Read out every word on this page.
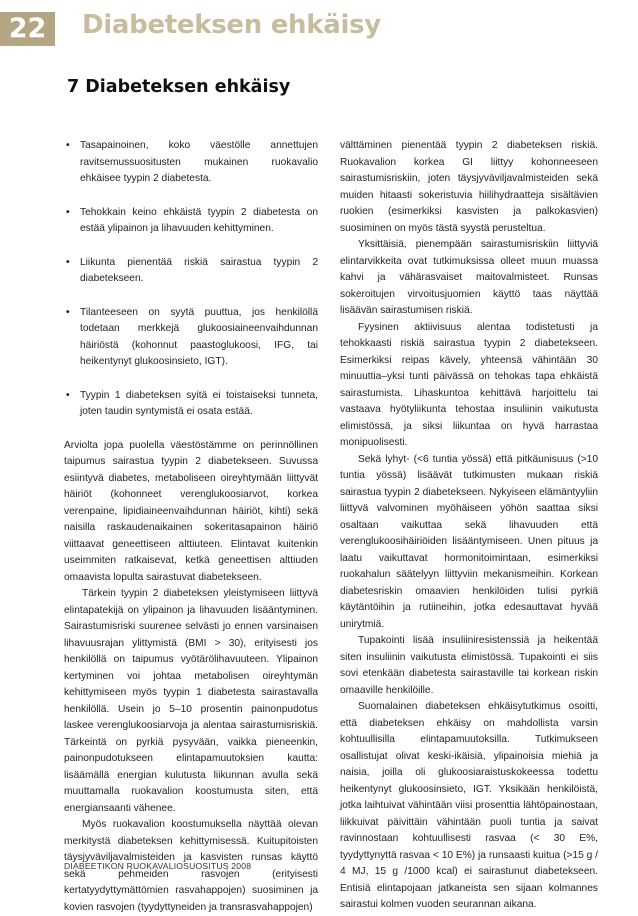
22	Diabeteksen ehkäisy
7 Diabeteksen ehkäisy
• Tasapainoinen, koko väestölle annettujen ravitsemussuositusten mukainen ruokavalio ehkäisee tyypin 2 diabetesta.
• Tehokkain keino ehkäistä tyypin 2 diabetesta on estää ylipainon ja lihavuuden kehittyminen.
• Liikunta pienentää riskiä sairastua tyypin 2 diabetekseen.
• Tilanteeseen on syytä puuttua, jos henkilöllä todetaan merkkejä glukoosiaineenvaihdunnan häiriöstä (kohonnut paastoglukoosi, IFG, tai heikentynyt glukoosinsieto, IGT).
• Tyypin 1 diabeteksen syitä ei toistaiseksi tunneta, joten taudin syntymistä ei osata estää.

Arviolta jopa puolella väestöstämme on perinnöllinen taipumus sairastua tyypin 2 diabetekseen. Suvussa esiintyvä diabetes, metaboliseen oireyhtymään liittyvät häiriöt (kohonneet verenglukoosiarvot, korkea verenpaine, lipidiaineenvaihdunnan häiriöt, kihti) sekä naisilla raskaudenaikainen sokeritasapainon häiriö viittaavat geneettiseen alttiuteen. Elintavat kuitenkin useimmiten ratkaisevat, ketkä geneettisen alttiuden omaavista lopulta sairastuvat diabetekseen.

Tärkein tyypin 2 diabeteksen yleistymiseen liittyvä elintapatekijä on ylipainon ja lihavuuden lisääntyminen. Sairastumisriski suurenee selvästi jo ennen varsinaisen lihavuusrajan ylittymistä (BMI > 30), erityisesti jos henkilöllä on taipumus vyötärölihavuuteen. Ylipainon kertyminen voi johtaa metabolisen oireyhtymän kehittymiseen myös tyypin 1 diabetesta sairastavalla henkilöllä. Usein jo 5–10 prosentin painonpudotus laskee verenglukoosiarvoja ja alentaa sairastumisriskiä. Tärkeintä on pyrkiä pysyvään, vaikka pieneenkin, painonpudotukseen elintapamuutoksien kautta: lisäämällä energian kulutusta liikunnan avulla sekä muuttamalla ruokavalion koostumusta siten, että energiansaanti vähenee.

Myös ruokavalion koostumuksella näyttää olevan merkitystä diabeteksen kehittymisessä. Kuitupitoisten täysjyväviljavalmisteiden ja kasvisten runsas käyttö sekä pehmeiden rasvojen (erityisesti kertatyydyttymättömien rasvahappojen) suosiminen ja kovien rasvojen (tyydyttyneiden ja transrasvahappojen)

välttäminen pienentää tyypin 2 diabeteksen riskiä. Ruokavalion korkea GI liittyy kohonneeseen sairastumisriskiin, joten täysjyväviljavalmisteiden sekä muiden hitaasti sokeristuvia hiilihydraatteja sisältävien ruokien (esimerkiksi kasvisten ja palkokasvien) suosiminen on myös tästä syystä perusteltua.

Yksittäisiä, pienempään sairastumisriskiin liittyviä elintarvikkeita ovat tutkimuksissa olleet muun muassa kahvi ja vähärasvaiset maitovalmisteet. Runsas sokeroitujen virvoitusjuomien käyttö taas näyttää lisäävän sairastumisen riskiä.

Fyysinen aktiivisuus alentaa todistetusti ja tehokkaasti riskiä sairastua tyypin 2 diabetekseen. Esimerkiksi reipas kävely, yhteensä vähintään 30 minuuttia–yksi tunti päivässä on tehokas tapa ehkäistä sairastumista. Lihaskuntoa kehittävä harjoittelu tai vastaava hyötyliikunta tehostaa insuliinin vaikutusta elimistössä, ja siksi liikuntaa on hyvä harrastaa monipuolisesti.

Sekä lyhyt- (<6 tuntia yössä) että pitkäunisuus (>10 tuntia yössä) lisäävät tutkimusten mukaan riskiä sairastua tyypin 2 diabetekseen. Nykyiseen elämäntyyliin liittyvä valvominen myöhäiseen yöhön saattaa siksi osaltaan vaikuttaa sekä lihavuuden että verenglukoosihäiriöiden lisääntymiseen. Unen pituus ja laatu vaikuttavat hormonitoimintaan, esimerkiksi ruokahalun säätelyyn liittyviin mekanismeihin. Korkean diabetesriskin omaavien henkilöiden tulisi pyrkiä käytäntöihin ja rutiineihin, jotka edesauttavat hyvää unirytmiä.

Tupakointi lisää insuliiniresistenssiä ja heikentää siten insuliinin vaikutusta elimistössä. Tupakointi ei siis sovi etenkään diabetesta sairastaville tai korkean riskin omaaville henkilöille.

Suomalainen diabeteksen ehkäisytutkimus osoitti, että diabeteksen ehkäisy on mahdollista varsin kohtuullisilla elintapamuutoksilla. Tutkimukseen osallistujat olivat keski-ikäisiä, ylipainoisia miehiä ja naisia, joilla oli glukoosiaraistuskokeessa todettu heikentynyt glukoosinsieto, IGT. Yksikään henkilöistä, jotka laihtuivat vähintään viisi prosenttia lähtöpainostaan, liikkuivat päivittäin vähintään puoli tuntia ja saivat ravinnostaan kohtuullisesti rasvaa (< 30 E%, tyydyttynyttä rasvaa < 10 E%) ja runsaasti kuitua (>15 g / 4 MJ, 15 g /1000 kcal) ei sairastunut diabetekseen. Entisiä elintapojaan jatkaneista sen sijaan kolmannes sairastui kolmen vuoden seurannan aikana.

DIABEETIKON RUOKAVALIOSUOSITUS 2008
